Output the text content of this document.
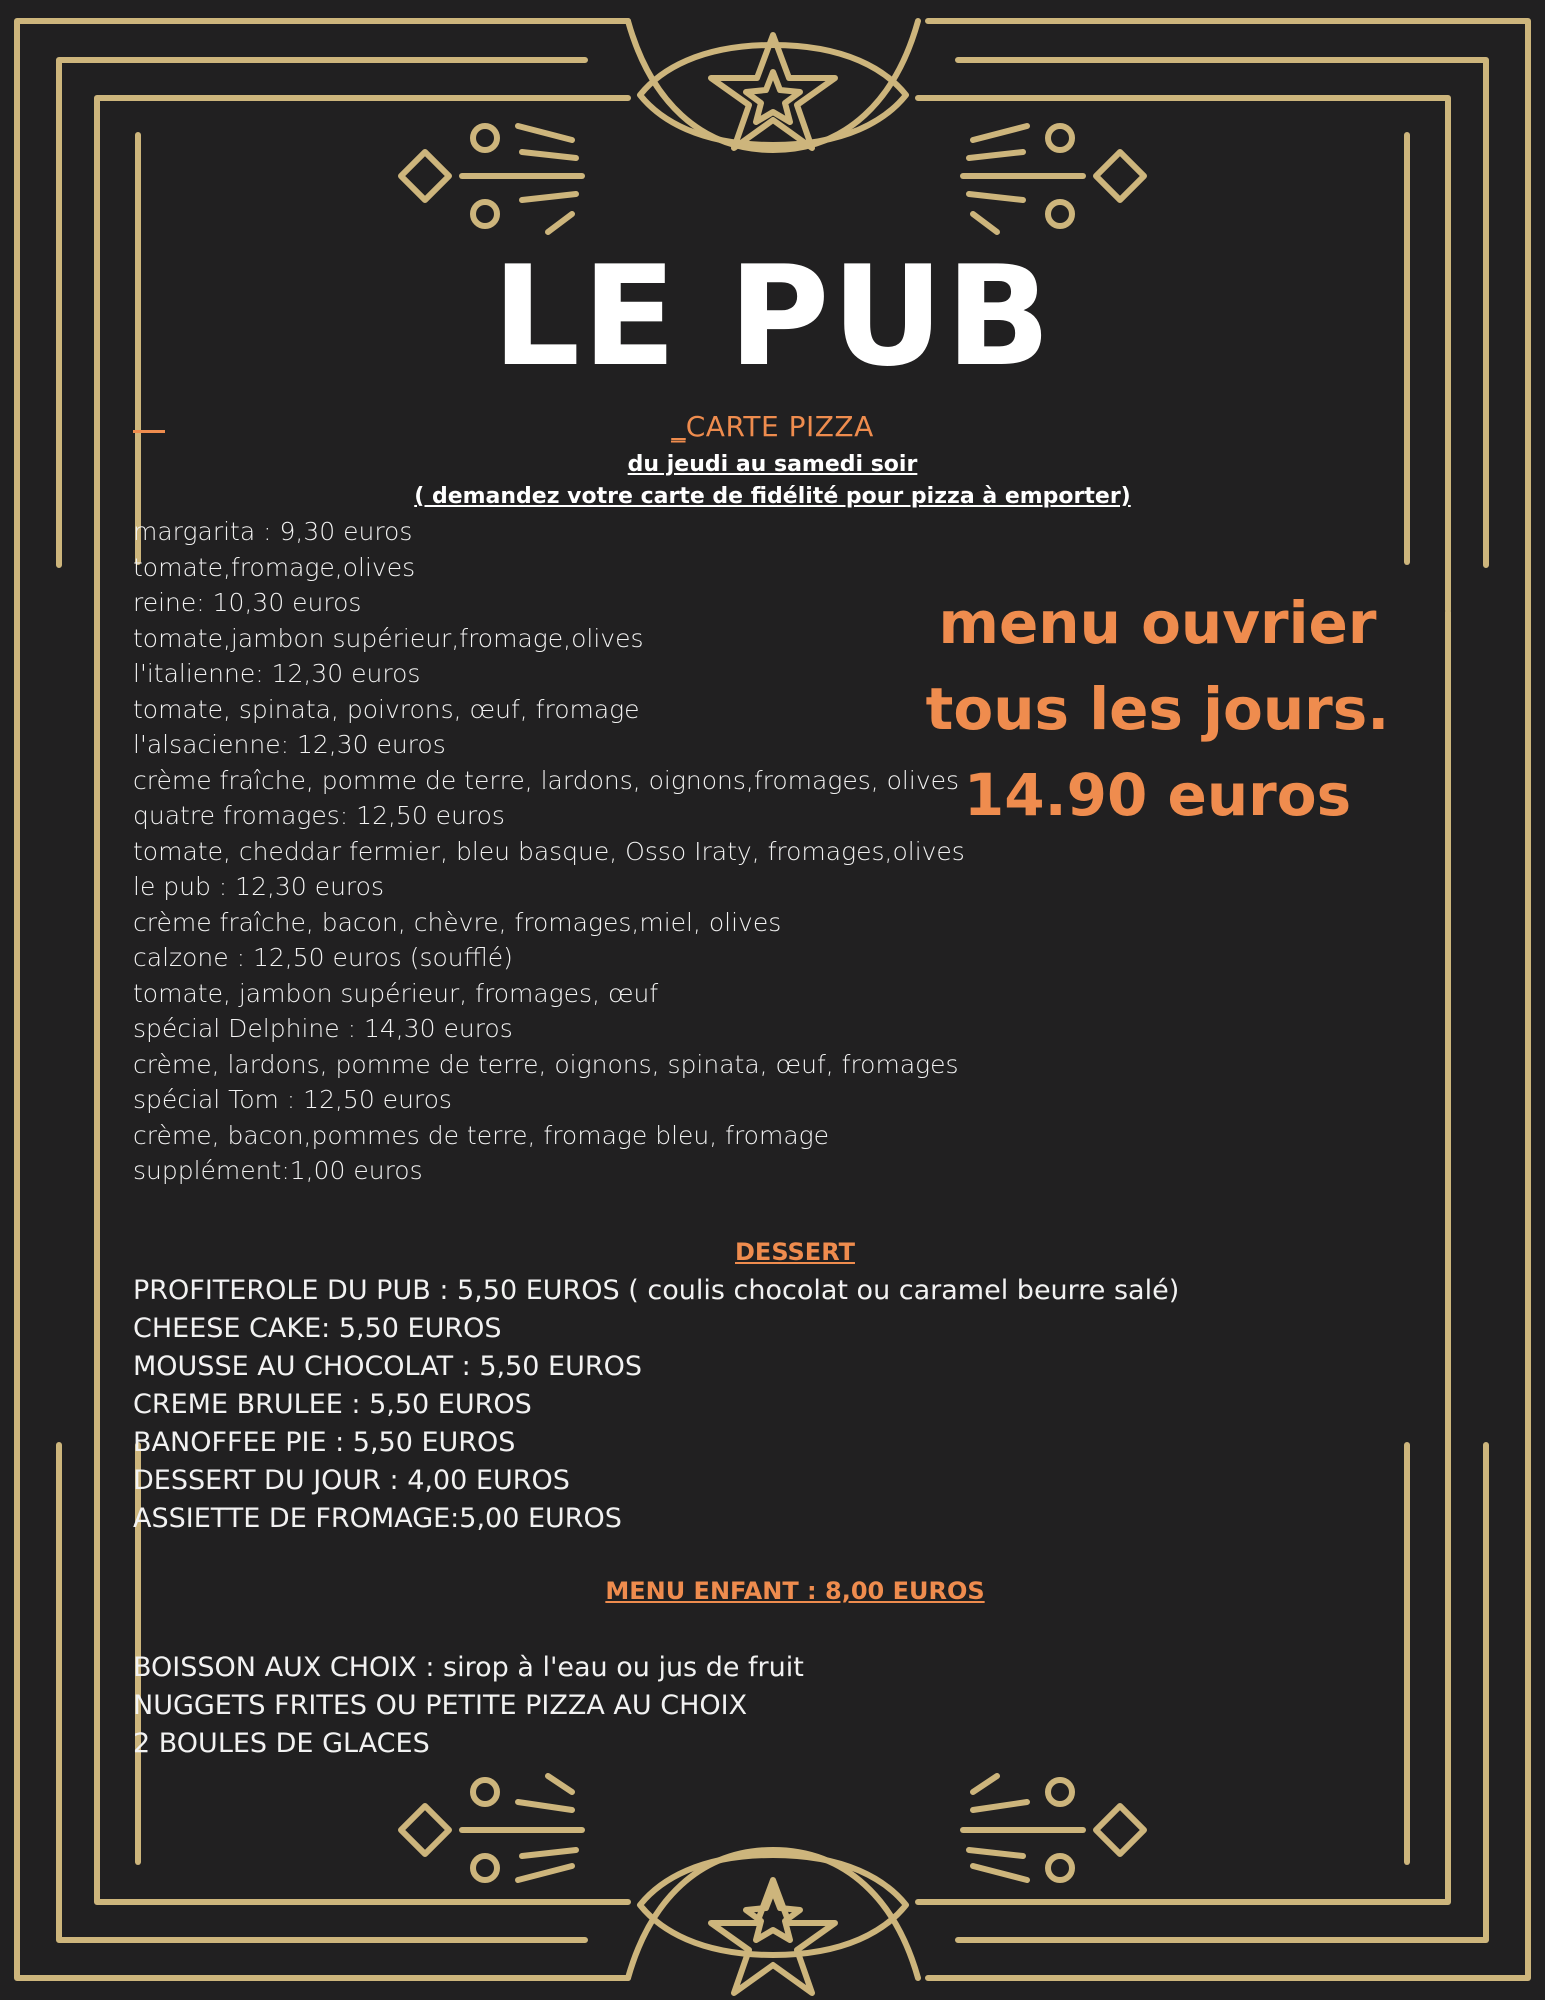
LE PUB
_CARTE PIZZA
du jeudi au samedi soir
( demandez votre carte de fidélité pour pizza à emporter)
margarita : 9,30 euros
tomate,fromage,olives
reine: 10,30 euros
tomate,jambon supérieur,fromage,olives
l'italienne: 12,30 euros
tomate, spinata, poivrons, œuf, fromage
l'alsacienne: 12,30 euros
crème fraîche, pomme de terre, lardons, oignons,fromages, olives
quatre fromages: 12,50 euros
tomate, cheddar fermier, bleu basque, Osso Iraty, fromages,olives
le pub : 12,30 euros
crème fraîche, bacon, chèvre, fromages,miel, olives
calzone : 12,50 euros (soufflé)
tomate, jambon supérieur, fromages, œuf
spécial Delphine : 14,30 euros
crème, lardons, pomme de terre, oignons, spinata, œuf, fromages
spécial Tom : 12,50 euros
crème, bacon,pommes de terre, fromage bleu, fromage
supplément:1,00 euros
menu ouvrier
tous les jours.
14.90 euros
DESSERT
PROFITEROLE DU PUB : 5,50 EUROS ( coulis chocolat ou caramel beurre salé)
CHEESE CAKE: 5,50 EUROS
MOUSSE AU CHOCOLAT : 5,50 EUROS
CREME BRULEE : 5,50 EUROS
BANOFFEE PIE : 5,50 EUROS
DESSERT DU JOUR : 4,00 EUROS
ASSIETTE DE FROMAGE:5,00 EUROS
MENU ENFANT : 8,00 EUROS
BOISSON AUX CHOIX : sirop à l'eau ou jus de fruit
NUGGETS FRITES OU PETITE PIZZA AU CHOIX
2 BOULES DE GLACES
